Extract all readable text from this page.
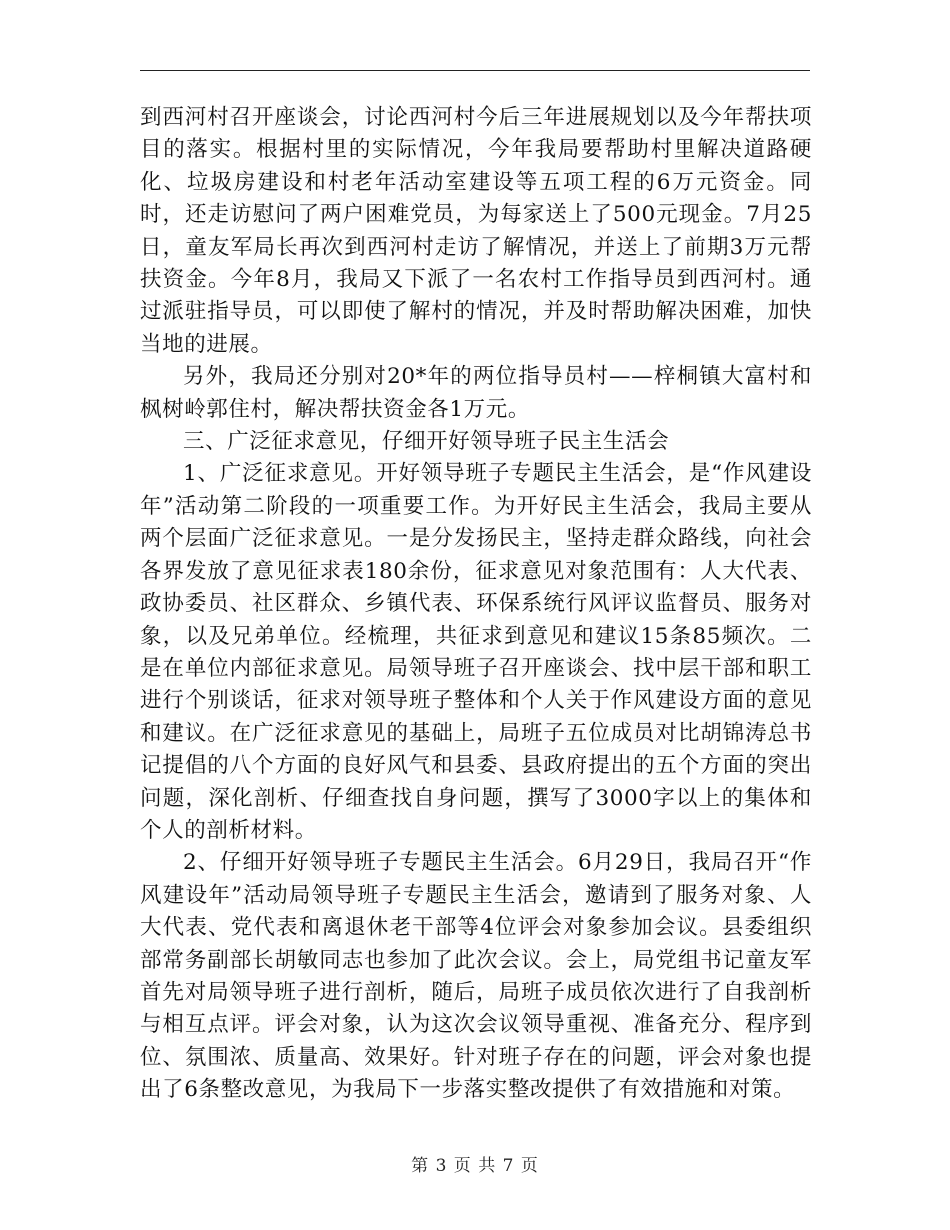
到西河村召开座谈会，讨论西河村今后三年进展规划以及今年帮扶项目的落实。根据村里的实际情况，今年我局要帮助村里解决道路硬化、垃圾房建设和村老年活动室建设等五项工程的6万元资金。同时，还走访慰问了两户困难党员，为每家送上了500元现金。7月25日，童友军局长再次到西河村走访了解情况，并送上了前期3万元帮扶资金。今年8月，我局又下派了一名农村工作指导员到西河村。通过派驻指导员，可以即使了解村的情况，并及时帮助解决困难，加快当地的进展。

另外，我局还分别对20*年的两位指导员村——梓桐镇大富村和枫树岭郭住村，解决帮扶资金各1万元。

三、广泛征求意见，仔细开好领导班子民主生活会

1、广泛征求意见。开好领导班子专题民主生活会，是“作风建设年”活动第二阶段的一项重要工作。为开好民主生活会，我局主要从两个层面广泛征求意见。一是分发扬民主，坚持走群众路线，向社会各界发放了意见征求表180余份，征求意见对象范围有：人大代表、政协委员、社区群众、乡镇代表、环保系统行风评议监督员、服务对象，以及兄弟单位。经梳理，共征求到意见和建议15条85频次。二是在单位内部征求意见。局领导班子召开座谈会、找中层干部和职工进行个别谈话，征求对领导班子整体和个人关于作风建设方面的意见和建议。在广泛征求意见的基础上，局班子五位成员对比胡锦涛总书记提倡的八个方面的良好风气和县委、县政府提出的五个方面的突出问题，深化剖析、仔细查找自身问题，撰写了3000字以上的集体和个人的剖析材料。

2、仔细开好领导班子专题民主生活会。6月29日，我局召开“作风建设年”活动局领导班子专题民主生活会，邀请到了服务对象、人大代表、党代表和离退休老干部等4位评会对象参加会议。县委组织部常务副部长胡敏同志也参加了此次会议。会上，局党组书记童友军首先对局领导班子进行剖析，随后，局班子成员依次进行了自我剖析与相互点评。评会对象，认为这次会议领导重视、准备充分、程序到位、氛围浓、质量高、效果好。针对班子存在的问题，评会对象也提出了6条整改意见，为我局下一步落实整改提供了有效措施和对策。

第 3 页 共 7 页
